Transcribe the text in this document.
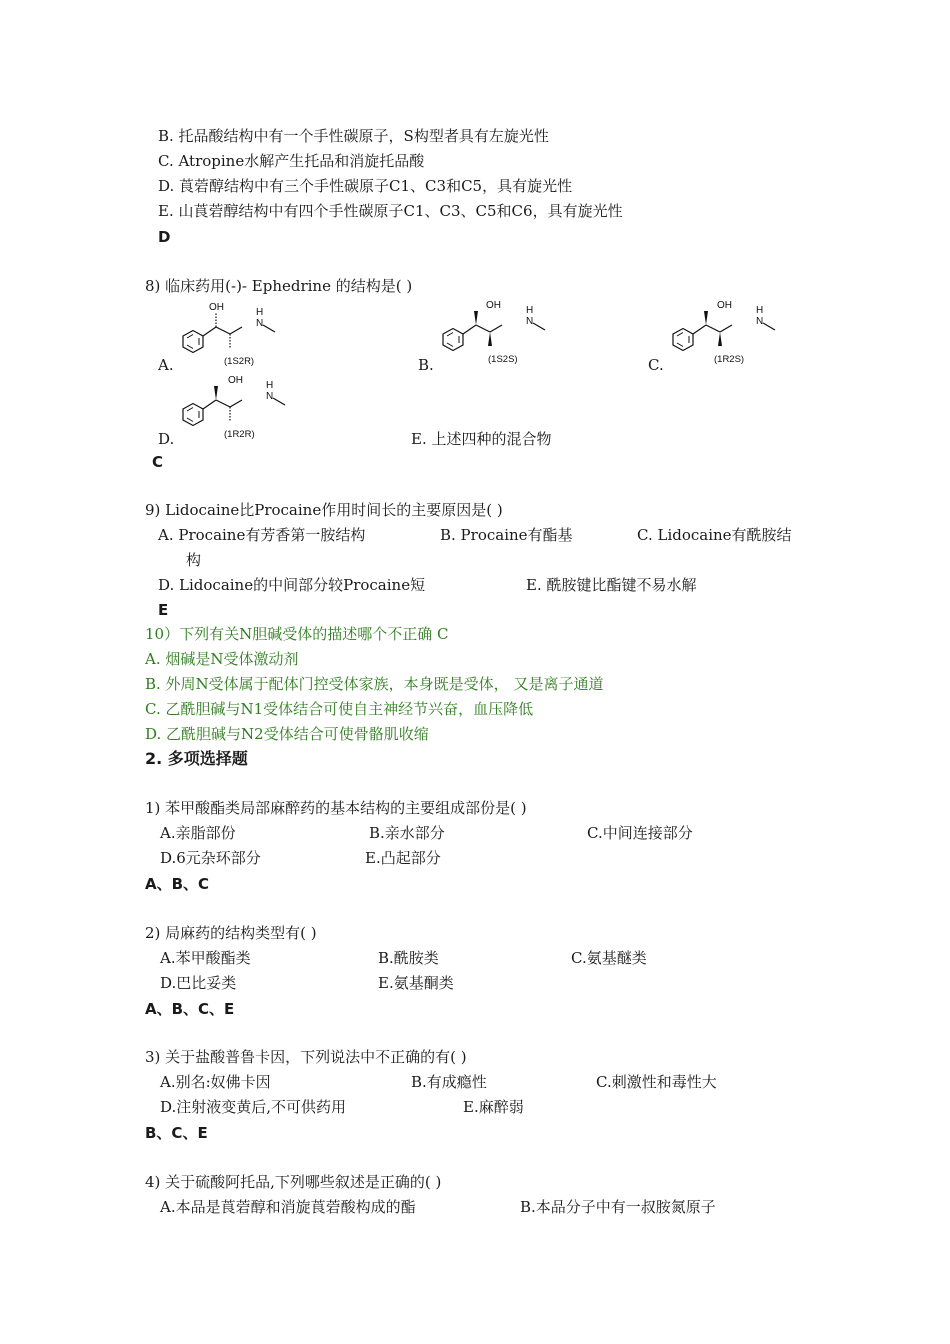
B. 托品酸结构中有一个手性碳原子，S构型者具有左旋光性
C. Atropine水解产生托品和消旋托品酸
D. 莨菪醇结构中有三个手性碳原子C1、C3和C5，具有旋光性
E. 山莨菪醇结构中有四个手性碳原子C1、C3、C5和C6，具有旋光性
D
8) 临床药用(-)- Ephedrine 的结构是( )
A.
OH	H
N
(1S2R)	B.
OH	H
N
(1S2S)	C.
OH H
N
(1R2S)
D.
OH H
N
(1R2R)	E. 上述四种的混合物
C
9) Lidocaine比Procaine作用时间长的主要原因是( )
A. Procaine有芳香第一胺结构	B. Procaine有酯基	C. Lidocaine有酰胺结
构
D. Lidocaine的中间部分较Procaine短	E. 酰胺键比酯键不易水解
E
10）下列有关N胆碱受体的描述哪个不正确 C
A. 烟碱是N受体激动剂
B. 外周N受体属于配体门控受体家族，本身既是受体， 又是离子通道
C. 乙酰胆碱与N1受体结合可使自主神经节兴奋，血压降低
D. 乙酰胆碱与N2受体结合可使骨骼肌收缩
2. 多项选择题
1) 苯甲酸酯类局部麻醉药的基本结构的主要组成部份是( )
A.亲脂部份	B.亲水部分	C.中间连接部分
D.6元杂环部分	E.凸起部分
A、B、C
2) 局麻药的结构类型有( )
A.苯甲酸酯类	B.酰胺类	C.氨基醚类
D.巴比妥类	E.氨基酮类
A、B、C、E
3) 关于盐酸普鲁卡因，下列说法中不正确的有( )
A.别名:奴佛卡因	B.有成瘾性	C.刺激性和毒性大
D.注射液变黄后,不可供药用	E.麻醉弱
B、C、E
4) 关于硫酸阿托品,下列哪些叙述是正确的( )
A.本品是莨菪醇和消旋莨菪酸构成的酯	B.本品分子中有一叔胺氮原子
